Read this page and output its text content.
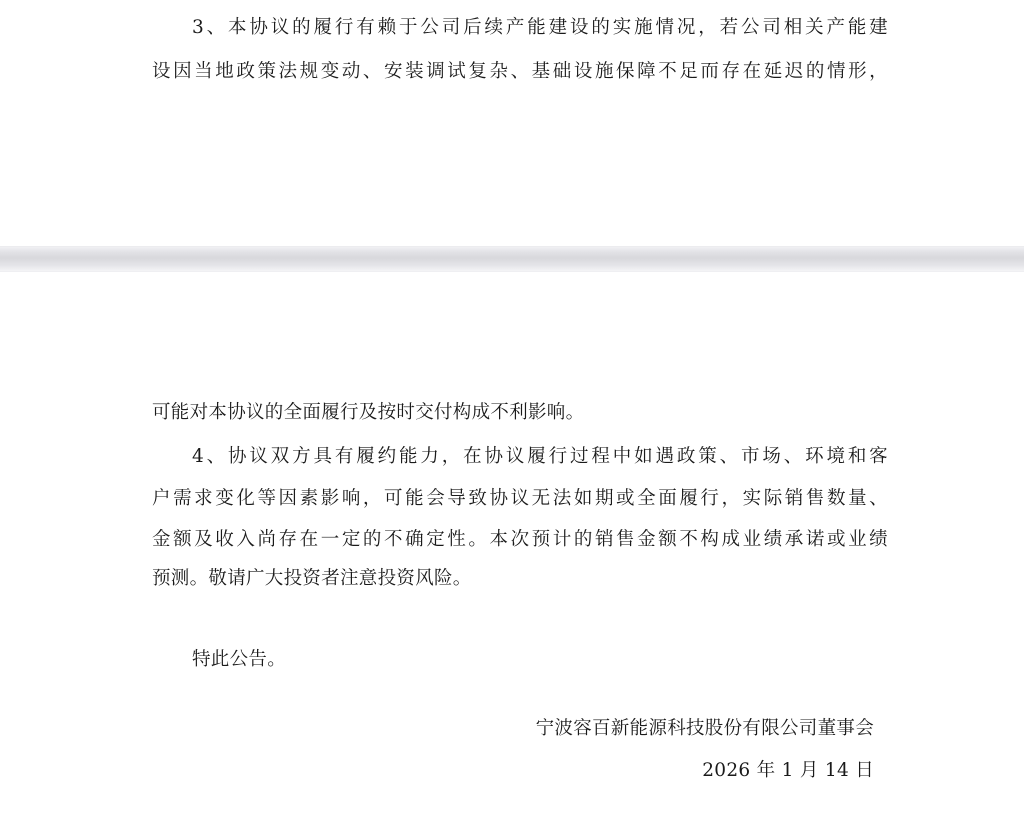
3、本协议的履行有赖于公司后续产能建设的实施情况，若公司相关产能建
设因当地政策法规变动、安装调试复杂、基础设施保障不足而存在延迟的情形，
可能对本协议的全面履行及按时交付构成不利影响。
4、协议双方具有履约能力，在协议履行过程中如遇政策、市场、环境和客
户需求变化等因素影响，可能会导致协议无法如期或全面履行，实际销售数量、
金额及收入尚存在一定的不确定性。本次预计的销售金额不构成业绩承诺或业绩
预测。敬请广大投资者注意投资风险。
特此公告。
宁波容百新能源科技股份有限公司董事会
2026 年 1 月 14 日
